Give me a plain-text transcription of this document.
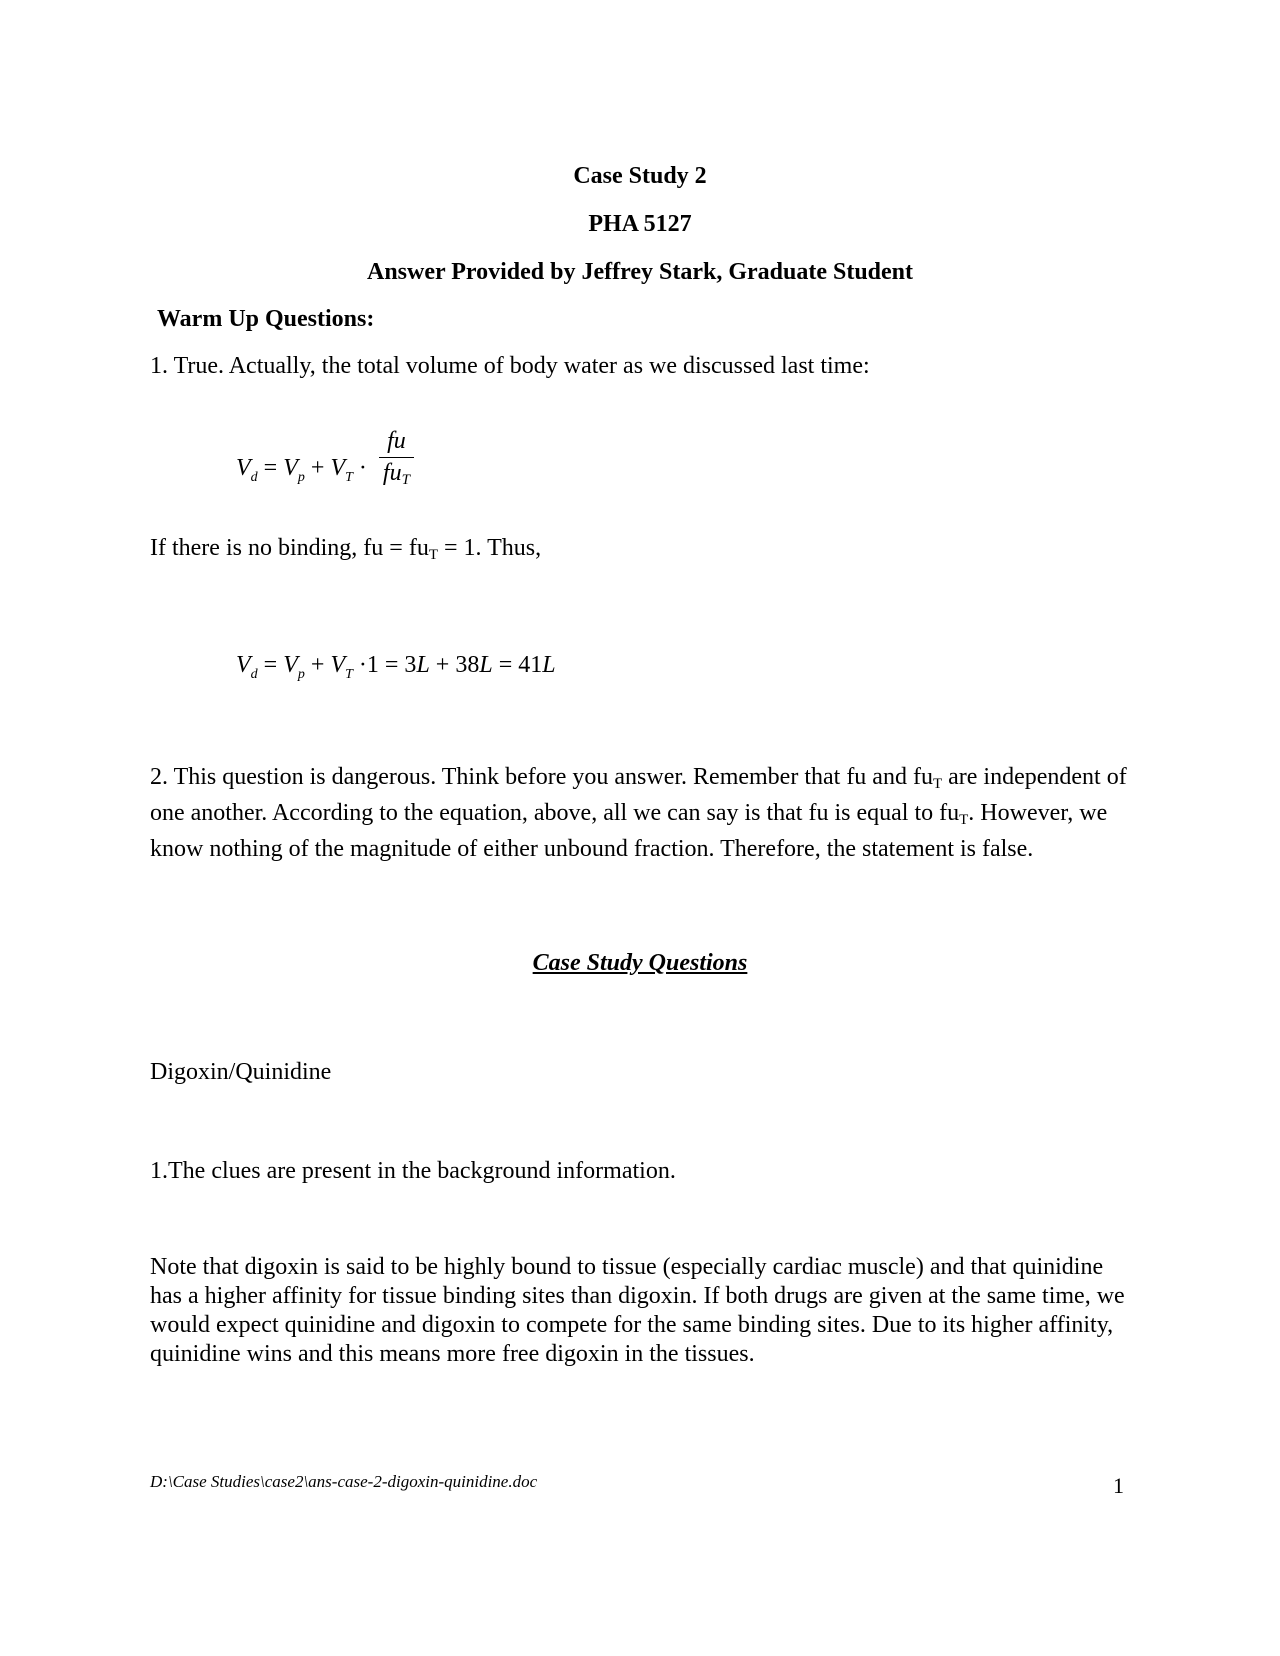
Case Study 2
PHA 5127
Answer Provided by Jeffrey Stark, Graduate Student
Warm Up Questions:
1. True. Actually, the total volume of body water as we discussed last time:
$V_d = V_p + V_T \cdot \frac{fu}{\text{fuT}}$
If there is no binding, fu = fuT = 1. Thus,
$V_d = V_p + V_T \cdot 1 = 3L + 38L = 41L$
2. This question is dangerous. Think before you answer. Remember that fu and fuT are independent of one another. According to the equation, above, all we can say is that fu is equal to fuT. However, we know nothing of the magnitude of either unbound fraction. Therefore, the statement is false.
Case Study Questions
Digoxin/Quinidine
1.The clues are present in the background information.
Note that digoxin is said to be highly bound to tissue (especially cardiac muscle) and that quinidine has a higher affinity for tissue binding sites than digoxin. If both drugs are given at the same time, we would expect quinidine and digoxin to compete for the same binding sites. Due to its higher affinity, quinidine wins and this means more free digoxin in the tissues.
D:\Case Studies\case2\ans-case-2-digoxin-quinidine.doc	1
